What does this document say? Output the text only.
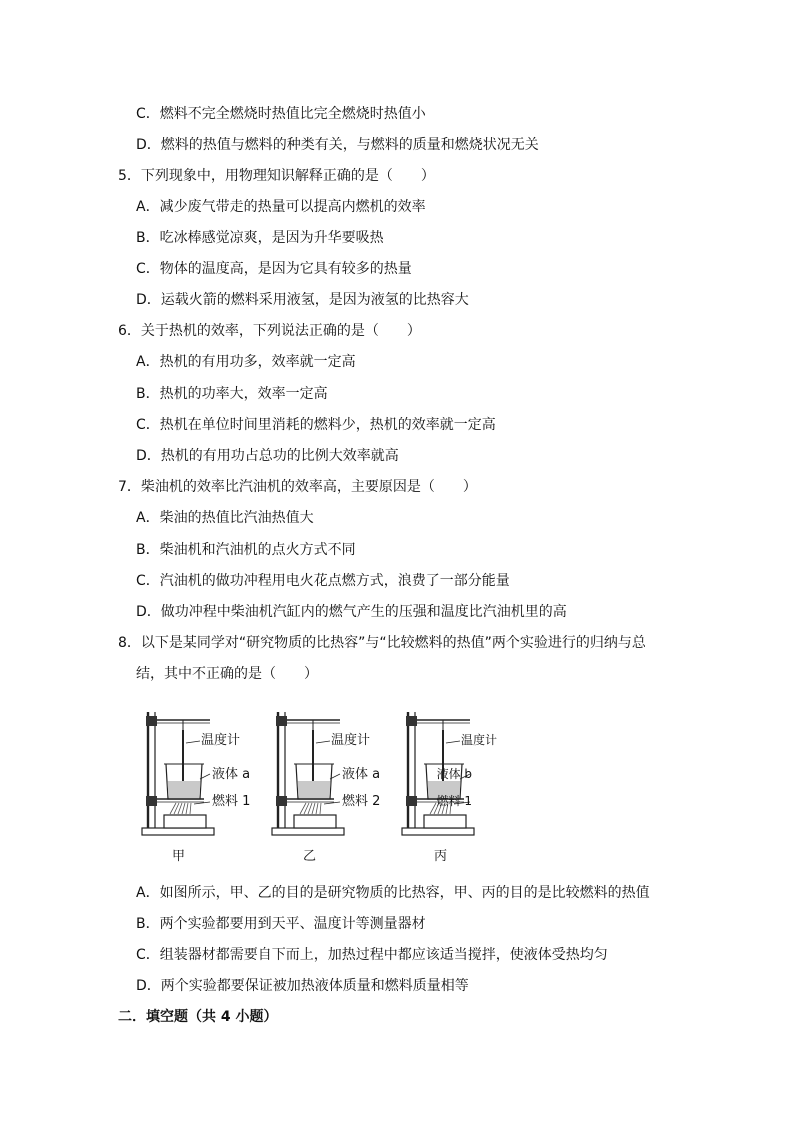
C．燃料不完全燃烧时热值比完全燃烧时热值小
D．燃料的热值与燃料的种类有关，与燃料的质量和燃烧状况无关
5．下列现象中，用物理知识解释正确的是（　　）
A．减少废气带走的热量可以提高内燃机的效率
B．吃冰棒感觉凉爽，是因为升华要吸热
C．物体的温度高，是因为它具有较多的热量
D．运载火箭的燃料采用液氢，是因为液氢的比热容大
6．关于热机的效率，下列说法正确的是（　　）
A．热机的有用功多，效率就一定高
B．热机的功率大，效率一定高
C．热机在单位时间里消耗的燃料少，热机的效率就一定高
D．热机的有用功占总功的比例大效率就高
7．柴油机的效率比汽油机的效率高，主要原因是（　　）
A．柴油的热值比汽油热值大
B．柴油机和汽油机的点火方式不同
C．汽油机的做功冲程用电火花点燃方式，浪费了一部分能量
D．做功冲程中柴油机汽缸内的燃气产生的压强和温度比汽油机里的高
8．以下是某同学对“研究物质的比热容”与“比较燃料的热值”两个实验进行的归纳与总
结，其中不正确的是（　　）
温度计
液体 a
燃料 1
甲
温度计
液体 a
燃料 2
乙
温度计
液体 b
燃料 1
丙
A．如图所示，甲、乙的目的是研究物质的比热容，甲、丙的目的是比较燃料的热值
B．两个实验都要用到天平、温度计等测量器材
C．组装器材都需要自下而上，加热过程中都应该适当搅拌，使液体受热均匀
D．两个实验都要保证被加热液体质量和燃料质量相等
二．填空题（共 4 小题）
